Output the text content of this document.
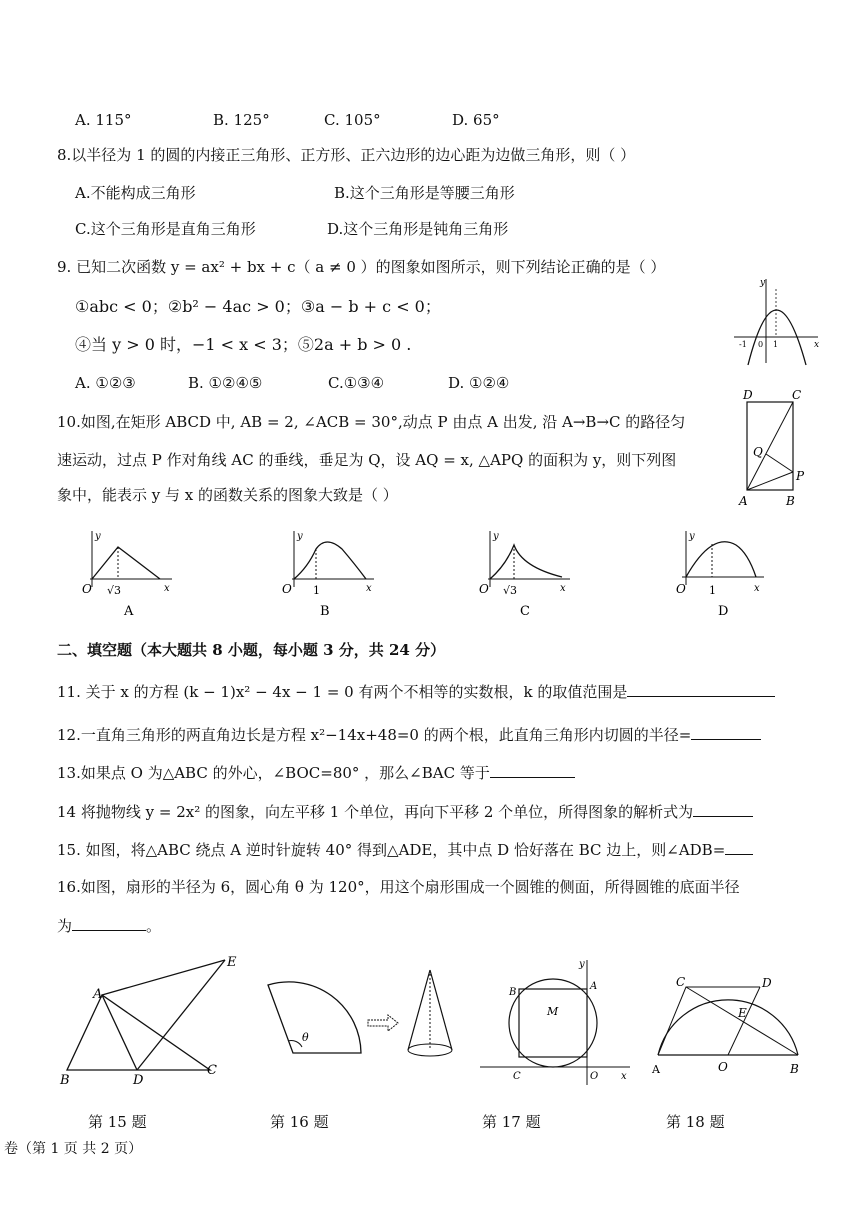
A. 115°	B. 125°	C. 105°	D. 65°
8.以半径为 1 的圆的内接正三角形、正方形、正六边形的边心距为边做三角形，则（ ）
A.不能构成三角形	B.这个三角形是等腰三角形
C.这个三角形是直角三角形	D.这个三角形是钝角三角形
9. 已知二次函数 y = ax² + bx + c（ a ≠ 0 ）的图象如图所示，则下列结论正确的是（ ）
①abc < 0；②b² − 4ac > 0；③a − b + c < 0；
④当 y > 0 时，−1 < x < 3；⑤2a + b > 0 .
A. ①②③	B. ①②④⑤	C.①③④	D. ①②④
y
x
-1 0 1
10.如图,在矩形 ABCD 中, AB = 2, ∠ACB = 30°,动点 P 由点 A 出发, 沿 A→B→C 的路径匀
速运动，过点 P 作对角线 AC 的垂线，垂足为 Q，设 AQ = x, △APQ 的面积为 y，则下列图
象中，能表示 y 与 x 的函数关系的图象大致是（ ）
D	C
Q
P
A	B
y
x
O √3
A
y
x
O 1
B
y
x
O √3
C
y
x
O 1
D
二、填空题（本大题共 8 小题，每小题 3 分，共 24 分）
11. 关于 x 的方程 (k − 1)x² − 4x − 1 = 0 有两个不相等的实数根，k 的取值范围是
12.一直角三角形的两直角边长是方程 x²−14x+48=0 的两个根，此直角三角形内切圆的半径=
13.如果点 O 为△ABC 的外心，∠BOC=80° ，那么∠BAC 等于
14 将抛物线 y = 2x² 的图象，向左平移 1 个单位，再向下平移 2 个单位，所得图象的解析式为
15. 如图，将△ABC 绕点 A 逆时针旋转 40° 得到△ADE，其中点 D 恰好落在 BC 边上，则∠ADB=
16.如图，扇形的半径为 6，圆心角 θ 为 120°，用这个扇形围成一个圆锥的侧面，所得圆锥的底面半径
为	。
A
E
B	D
C
θ
B
A
M
y
C	O x
C	D
E
A	O	B
第 15 题	第 16 题	第 17 题	第 18 题
卷（第 1 页 共 2 页）
